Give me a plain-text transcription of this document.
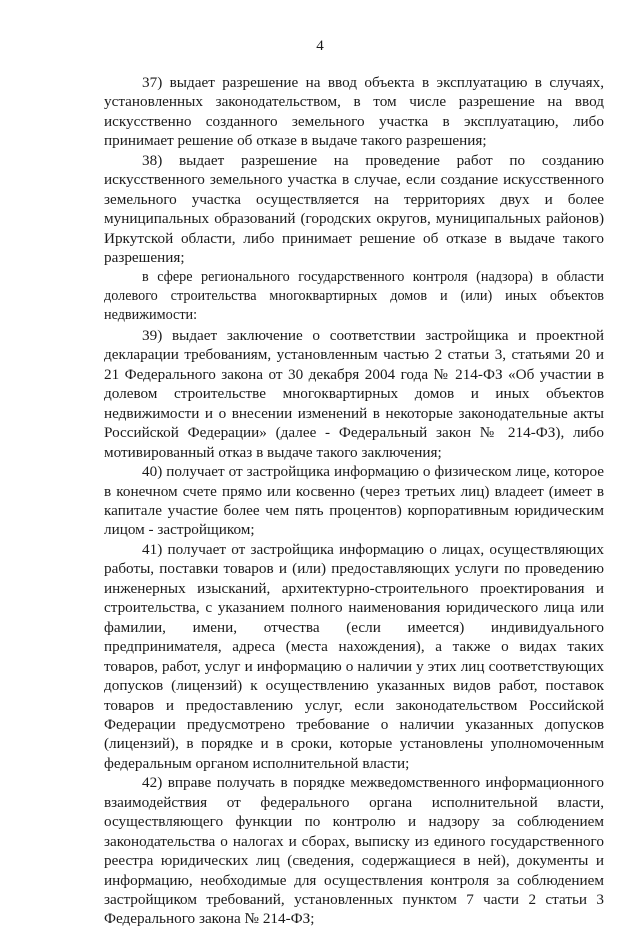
4

37) выдает разрешение на ввод объекта в эксплуатацию в случаях, установленных законодательством, в том числе разрешение на ввод искусственно созданного земельного участка в эксплуатацию, либо принимает решение об отказе в выдаче такого разрешения;

38) выдает разрешение на проведение работ по созданию искусственного земельного участка в случае, если создание искусственного земельного участка осуществляется на территориях двух и более муниципальных образований (городских округов, муниципальных районов) Иркутской области, либо принимает решение об отказе в выдаче такого разрешения;

в сфере регионального государственного контроля (надзора) в области долевого строительства многоквартирных домов и (или) иных объектов недвижимости:

39) выдает заключение о соответствии застройщика и проектной декларации требованиям, установленным частью 2 статьи 3, статьями 20 и 21 Федерального закона от 30 декабря 2004 года № 214-ФЗ «Об участии в долевом строительстве многоквартирных домов и иных объектов недвижимости и о внесении изменений в некоторые законодательные акты Российской Федерации» (далее - Федеральный закон № 214-ФЗ), либо мотивированный отказ в выдаче такого заключения;

40) получает от застройщика информацию о физическом лице, которое в конечном счете прямо или косвенно (через третьих лиц) владеет (имеет в капитале участие более чем пять процентов) корпоративным юридическим лицом - застройщиком;

41) получает от застройщика информацию о лицах, осуществляющих работы, поставки товаров и (или) предоставляющих услуги по проведению инженерных изысканий, архитектурно-строительного проектирования и строительства, с указанием полного наименования юридического лица или фамилии, имени, отчества (если имеется) индивидуального предпринимателя, адреса (места нахождения), а также о видах таких товаров, работ, услуг и информацию о наличии у этих лиц соответствующих допусков (лицензий) к осуществлению указанных видов работ, поставок товаров и предоставлению услуг, если законодательством Российской Федерации предусмотрено требование о наличии указанных допусков (лицензий), в порядке и в сроки, которые установлены уполномоченным федеральным органом исполнительной власти;

42) вправе получать в порядке межведомственного информационного взаимодействия от федерального органа исполнительной власти, осуществляющего функции по контролю и надзору за соблюдением законодательства о налогах и сборах, выписку из единого государственного реестра юридических лиц (сведения, содержащиеся в ней), документы и информацию, необходимые для осуществления контроля за соблюдением застройщиком требований, установленных пунктом 7 части 2 статьи 3 Федерального закона № 214-ФЗ;
